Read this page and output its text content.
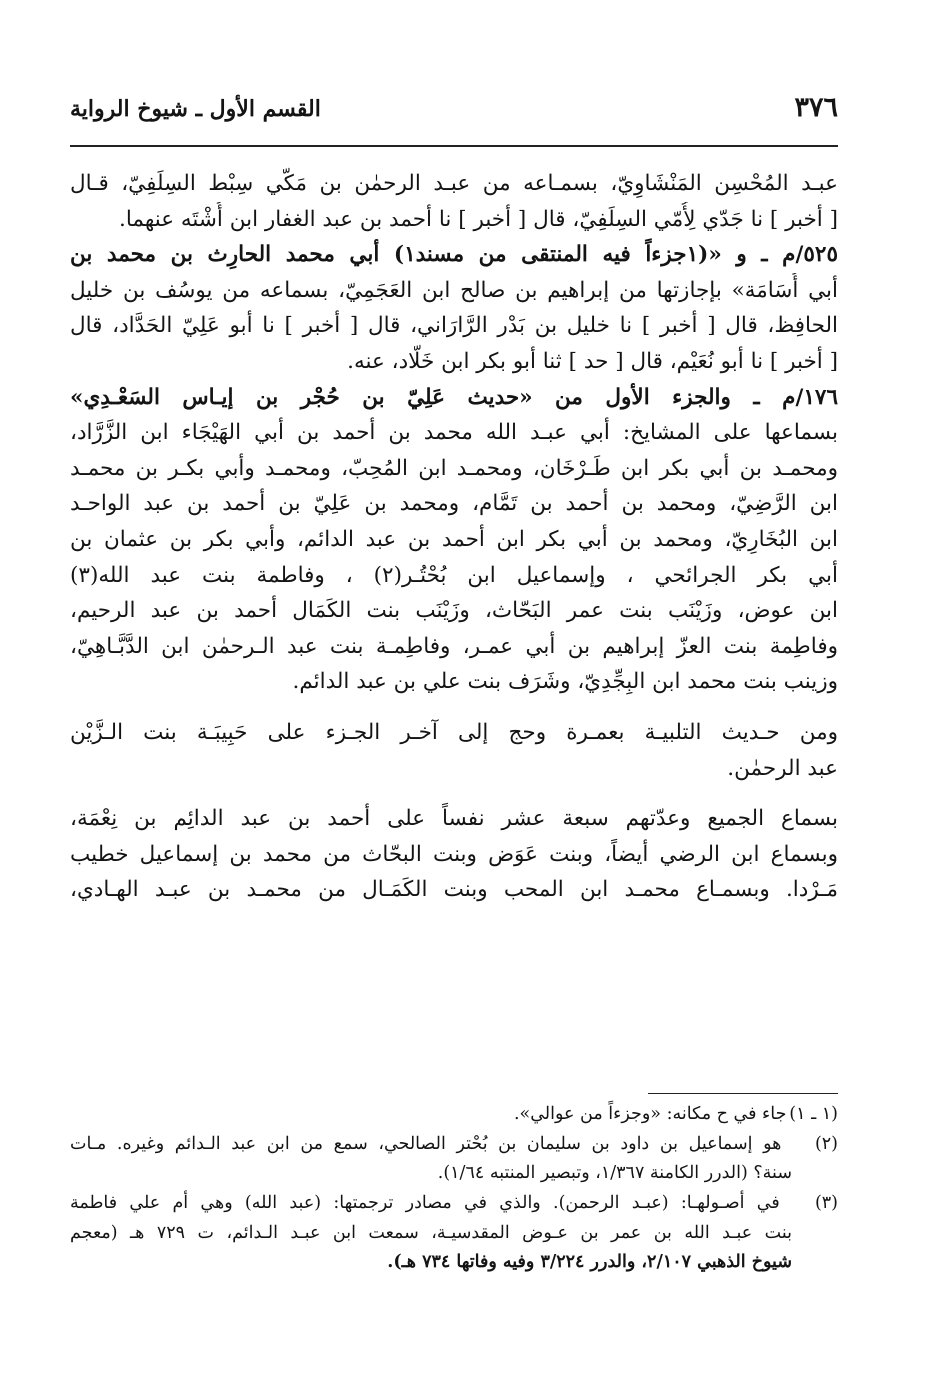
٣٧٦
القسم الأول ـ شيوخ الرواية
عبـد المُحْسِن المَنْشَاوِيّ، بسمـاعه من عبـد الرحمٰن بن مَكّي سِبْط السِلَفِيّ، قـال
[ أخبر ] نا جَدّي لِأُمّي السِلَفِيّ، قال [ أخبر ] نا أحمد بن عبد الغفار ابن أُشْتَه عنهما.
٥٢٥/م ـ و «(١جزءاً فيه المنتقى من مسند١) أبي محمد الحارِث بن محمد بن
أبي أُسَامَة» بإجازتها من إبراهيم بن صالح ابن العَجَمِيّ، بسماعه من يوسُف بن خليل
الحافِظ، قال [ أخبر ] نا خليل بن بَدْر الرَّارَاني، قال [ أخبر ] نا أبو عَلِيّ الحَدَّاد، قال
[ أخبر ] نا أبو نُعَيْم، قال [ حد ] ثنا أبو بكر ابن خَلّاد، عنه.
١٧٦/م ـ والجزء الأول من «حديث عَلِيّ بن حُجْر بن إيـاس السَعْـدِي»
بسماعها على المشايخ: أبي عبـد الله محمد بن أحمد بن أبي الهَيْجَاء ابن الزَّرَّاد،
ومحمـد بن أبي بكر ابن طَـرْخَان، ومحمـد ابن المُحِبّ، ومحمـد وأبي بكـر بن محمـد
ابن الرَّضِيّ، ومحمد بن أحمد بن تَمَّام، ومحمد بن عَلِيّ بن أحمد بن عبد الواحـد
ابن البُخَارِيّ، ومحمد بن أبي بكر ابن أحمد بن عبد الدائم، وأبي بكر بن عثمان بن
أبي بكر الجرائحي ، وإسماعيل ابن بُحْتُـر(٢) ، وفاطمة بنت عبد الله(٣)
ابن عوض، وزَيْنَب بنت عمر البَحّاث، وزَيْنَب بنت الكَمَال أحمد بن عبد الرحيم،
وفاطِمة بنت العزّ إبراهيم بن أبي عمـر، وفاطِمـة بنت عبد الـرحمٰن ابن الدَّبَّـاهِيّ،
وزينب بنت محمد ابن البِجِّدِيّ، وشَرَف بنت علي بن عبد الدائم.
ومن حـديث التلبيـة بعمـرة وحج إلى آخـر الجـزء على حَبِيبَـة بنت الـزَّيْن
عبد الرحمٰن.
بسماع الجميع وعدّتهم سبعة عشر نفساً على أحمد بن عبد الدائِم بن نِعْمَة،
وبسماع ابن الرضي أيضاً، وبنت عَوَض وبنت البحّاث من محمد بن إسماعيل خطيب
مَـرْدا. وبسمـاع محمـد ابن المحب وبنت الكَمَـال من محمـد بن عبـد الهـادي،
(١ ـ ١) جاء في ح مكانه: «وجزءاً من عوالي».
(٢) هو إسماعيل بن داود بن سليمان بن بُحْتر الصالحي، سمع من ابن عبد الـدائم وغيره. مـات
سنة؟ (الدرر الكامنة ١/٣٦٧، وتبصير المنتبه ١/٦٤).
(٣) في أصـولهـا: (عبـد الرحمن). والذي في مصادر ترجمتها: (عبد الله) وهي أم علي فاطمة
بنت عبـد الله بن عمر بن عـوض المقدسيـة، سمعت ابن عبـد الـدائم، ت ٧٢٩ هـ (معجم
شيوخ الذهبي ٢/١٠٧، والدرر ٣/٢٢٤ وفيه وفاتها ٧٣٤ هـ).
